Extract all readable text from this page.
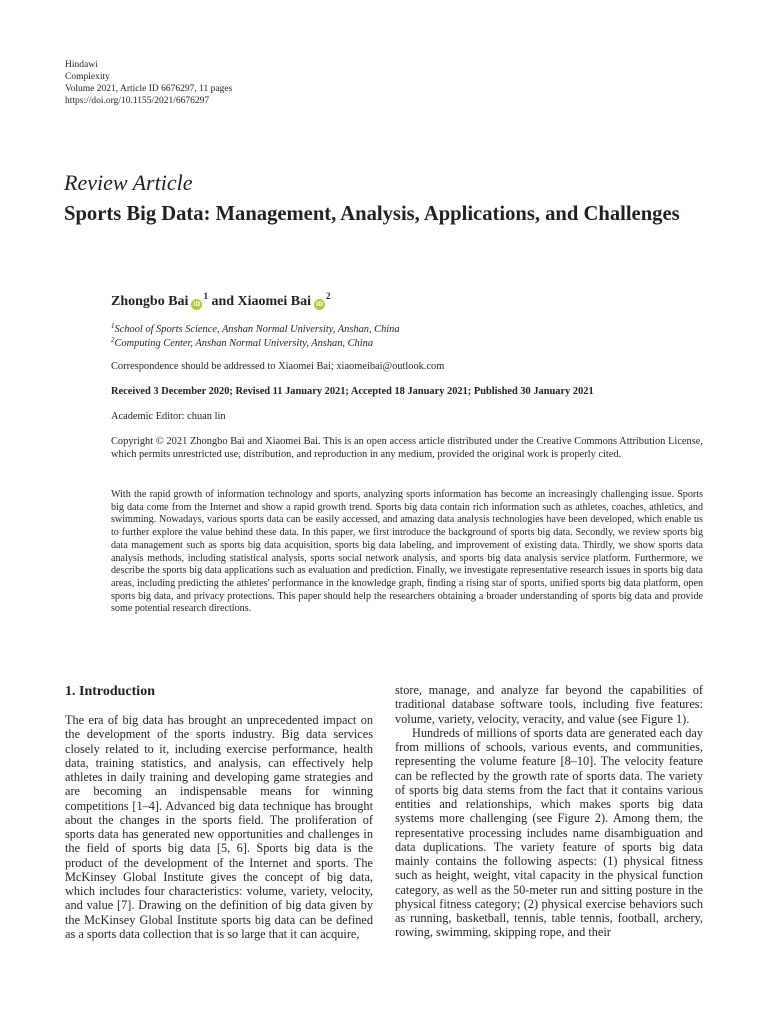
Hindawi
Complexity
Volume 2021, Article ID 6676297, 11 pages
https://doi.org/10.1155/2021/6676297
Review Article
Sports Big Data: Management, Analysis, Applications, and Challenges
Zhongbo Bai $iD^1$ and Xiaomei Bai $iD^2$
$^1$School of Sports Science, Anshan Normal University, Anshan, China
$^2$Computing Center, Anshan Normal University, Anshan, China
Correspondence should be addressed to Xiaomei Bai; xiaomeibai@outlook.com
Received 3 December 2020; Revised 11 January 2021; Accepted 18 January 2021; Published 30 January 2021
Academic Editor: chuan lin
Copyright © 2021 Zhongbo Bai and Xiaomei Bai. This is an open access article distributed under the Creative Commons Attribution License, which permits unrestricted use, distribution, and reproduction in any medium, provided the original work is properly cited.
With the rapid growth of information technology and sports, analyzing sports information has become an increasingly challenging issue. Sports big data come from the Internet and show a rapid growth trend. Sports big data contain rich information such as athletes, coaches, athletics, and swimming. Nowadays, various sports data can be easily accessed, and amazing data analysis technologies have been developed, which enable us to further explore the value behind these data. In this paper, we first introduce the background of sports big data. Secondly, we review sports big data management such as sports big data acquisition, sports big data labeling, and improvement of existing data. Thirdly, we show sports data analysis methods, including statistical analysis, sports social network analysis, and sports big data analysis service platform. Furthermore, we describe the sports big data applications such as evaluation and prediction. Finally, we investigate representative research issues in sports big data areas, including predicting the athletes' performance in the knowledge graph, finding a rising star of sports, unified sports big data platform, open sports big data, and privacy protections. This paper should help the researchers obtaining a broader understanding of sports big data and provide some potential research directions.
1. Introduction

The era of big data has brought an unprecedented impact on the development of the sports industry. Big data services closely related to it, including exercise performance, health data, training statistics, and analysis, can effectively help athletes in daily training and developing game strategies and are becoming an indispensable means for winning competitions [1–4]. Advanced big data technique has brought about the changes in the sports field. The proliferation of sports data has generated new opportunities and challenges in the field of sports big data [5, 6]. Sports big data is the product of the development of the Internet and sports. The McKinsey Global Institute gives the concept of big data, which includes four characteristics: volume, variety, velocity, and value [7]. Drawing on the definition of big data given by the McKinsey Global Institute sports big data can be defined as a sports data collection that is so large that it can acquire,

store, manage, and analyze far beyond the capabilities of traditional database software tools, including five features: volume, variety, velocity, veracity, and value (see Figure 1).

Hundreds of millions of sports data are generated each day from millions of schools, various events, and communities, representing the volume feature [8–10]. The velocity feature can be reflected by the growth rate of sports data. The variety of sports big data stems from the fact that it contains various entities and relationships, which makes sports big data systems more challenging (see Figure 2). Among them, the representative processing includes name disambiguation and data duplications. The variety feature of sports big data mainly contains the following aspects: (1) physical fitness such as height, weight, vital capacity in the physical function category, as well as the 50-meter run and sitting posture in the physical fitness category; (2) physical exercise behaviors such as running, basketball, tennis, table tennis, football, archery, rowing, swimming, skipping rope, and their
